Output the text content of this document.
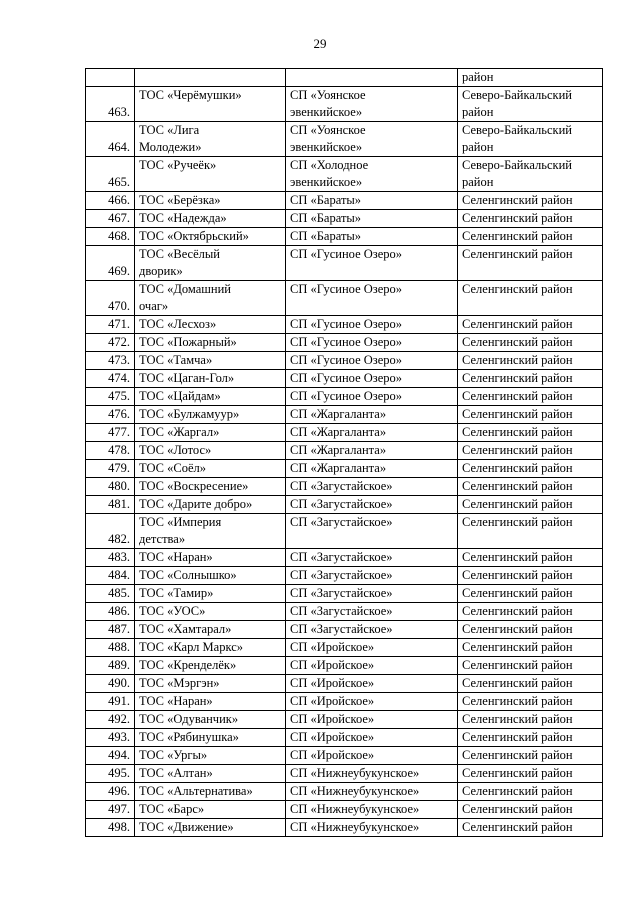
29
			район
463.	ТОС «Черёмушки»	СП «Уоянское
эвенкийское»	Северо-Байкальский
район
464.	ТОС «Лига
Молодежи»	СП «Уоянское
эвенкийское»	Северо-Байкальский
район
465.	ТОС «Ручеёк»	СП «Холодное
эвенкийское»	Северо-Байкальский
район
466.	ТОС «Берёзка»	СП «Бараты»	Селенгинский район
467.	ТОС «Надежда»	СП «Бараты»	Селенгинский район
468.	ТОС «Октябрьский»	СП «Бараты»	Селенгинский район
469.	ТОС «Весёлый
дворик»	СП «Гусиное Озеро»	Селенгинский район
470.	ТОС «Домашний
очаг»	СП «Гусиное Озеро»	Селенгинский район
471.	ТОС «Лесхоз»	СП «Гусиное Озеро»	Селенгинский район
472.	ТОС «Пожарный»	СП «Гусиное Озеро»	Селенгинский район
473.	ТОС «Тамча»	СП «Гусиное Озеро»	Селенгинский район
474.	ТОС «Цаган-Гол»	СП «Гусиное Озеро»	Селенгинский район
475.	ТОС «Цайдам»	СП «Гусиное Озеро»	Селенгинский район
476.	ТОС «Булжамуур»	СП «Жаргаланта»	Селенгинский район
477.	ТОС «Жаргал»	СП «Жаргаланта»	Селенгинский район
478.	ТОС «Лотос»	СП «Жаргаланта»	Селенгинский район
479.	ТОС «Соёл»	СП «Жаргаланта»	Селенгинский район
480.	ТОС «Воскресение»	СП «Загустайское»	Селенгинский район
481.	ТОС «Дарите добро»	СП «Загустайское»	Селенгинский район
482.	ТОС «Империя
детства»	СП «Загустайское»	Селенгинский район
483.	ТОС «Наран»	СП «Загустайское»	Селенгинский район
484.	ТОС «Солнышко»	СП «Загустайское»	Селенгинский район
485.	ТОС «Тамир»	СП «Загустайское»	Селенгинский район
486.	ТОС «УОС»	СП «Загустайское»	Селенгинский район
487.	ТОС «Хамтарал»	СП «Загустайское»	Селенгинский район
488.	ТОС «Карл Маркс»	СП «Иройское»	Селенгинский район
489.	ТОС «Кренделёк»	СП «Иройское»	Селенгинский район
490.	ТОС «Мэргэн»	СП «Иройское»	Селенгинский район
491.	ТОС «Наран»	СП «Иройское»	Селенгинский район
492.	ТОС «Одуванчик»	СП «Иройское»	Селенгинский район
493.	ТОС «Рябинушка»	СП «Иройское»	Селенгинский район
494.	ТОС «Ургы»	СП «Иройское»	Селенгинский район
495.	ТОС «Алтан»	СП «Нижнеубукунское»	Селенгинский район
496.	ТОС «Альтернатива»	СП «Нижнеубукунское»	Селенгинский район
497.	ТОС «Барс»	СП «Нижнеубукунское»	Селенгинский район
498.	ТОС «Движение»	СП «Нижнеубукунское»	Селенгинский район
